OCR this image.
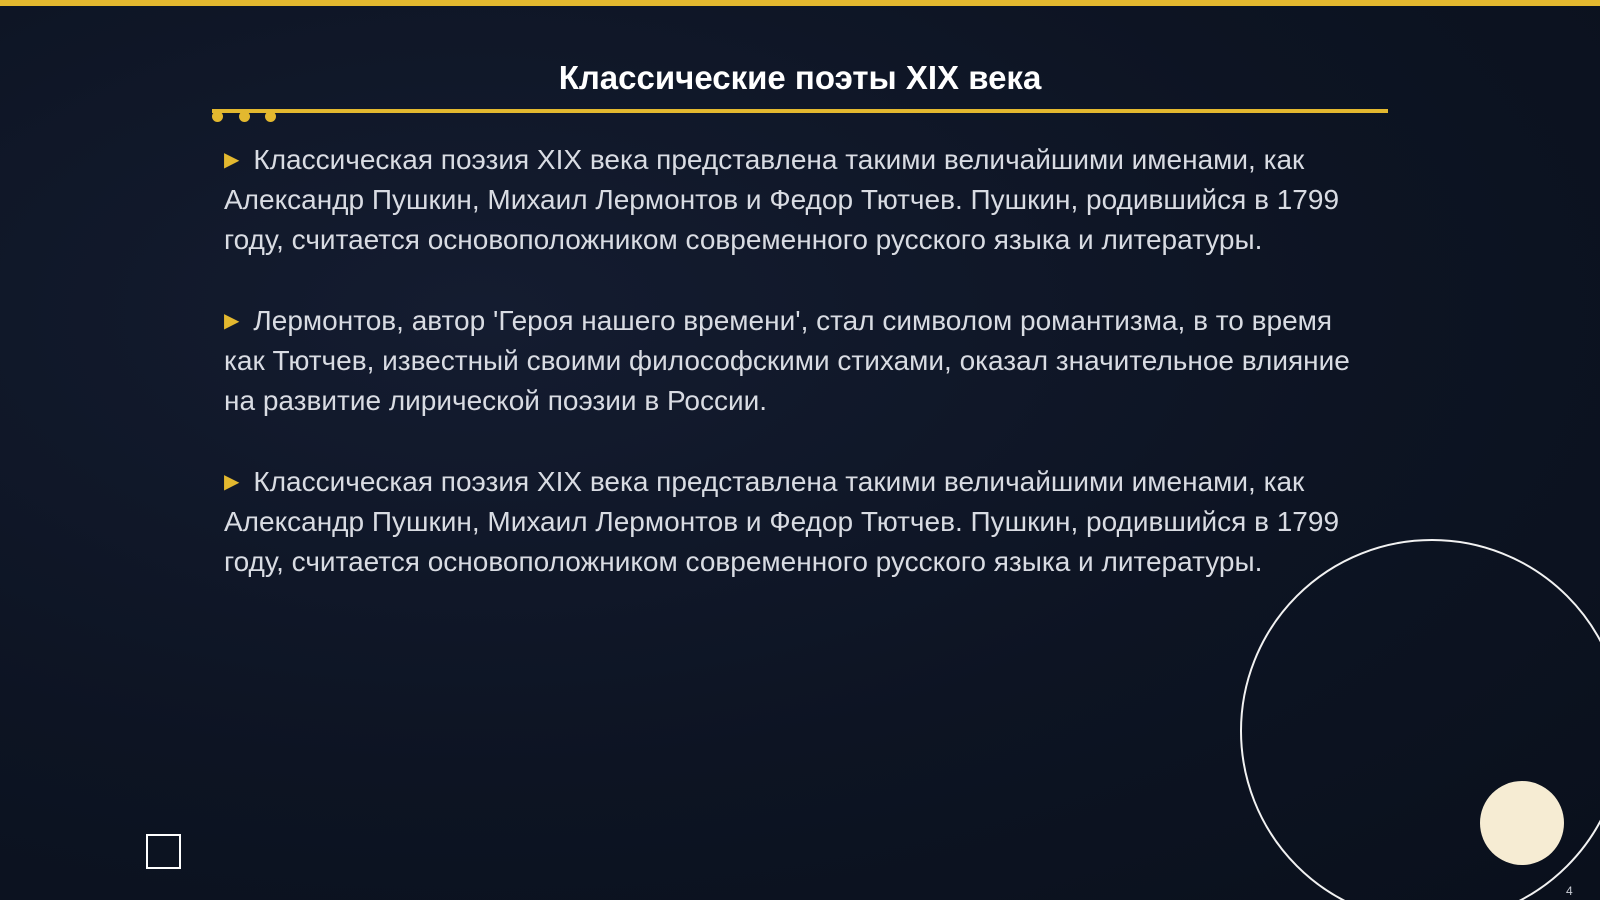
Классические поэты XIX века

▶ Классическая поэзия XIX века представлена такими величайшими именами, как Александр Пушкин, Михаил Лермонтов и Федор Тютчев. Пушкин, родившийся в 1799 году, считается основоположником современного русского языка и литературы.

▶ Лермонтов, автор 'Героя нашего времени', стал символом романтизма, в то время как Тютчев, известный своими философскими стихами, оказал значительное влияние на развитие лирической поэзии в России.

▶ Классическая поэзия XIX века представлена такими величайшими именами, как Александр Пушкин, Михаил Лермонтов и Федор Тютчев. Пушкин, родившийся в 1799 году, считается основоположником современного русского языка и литературы.

4
